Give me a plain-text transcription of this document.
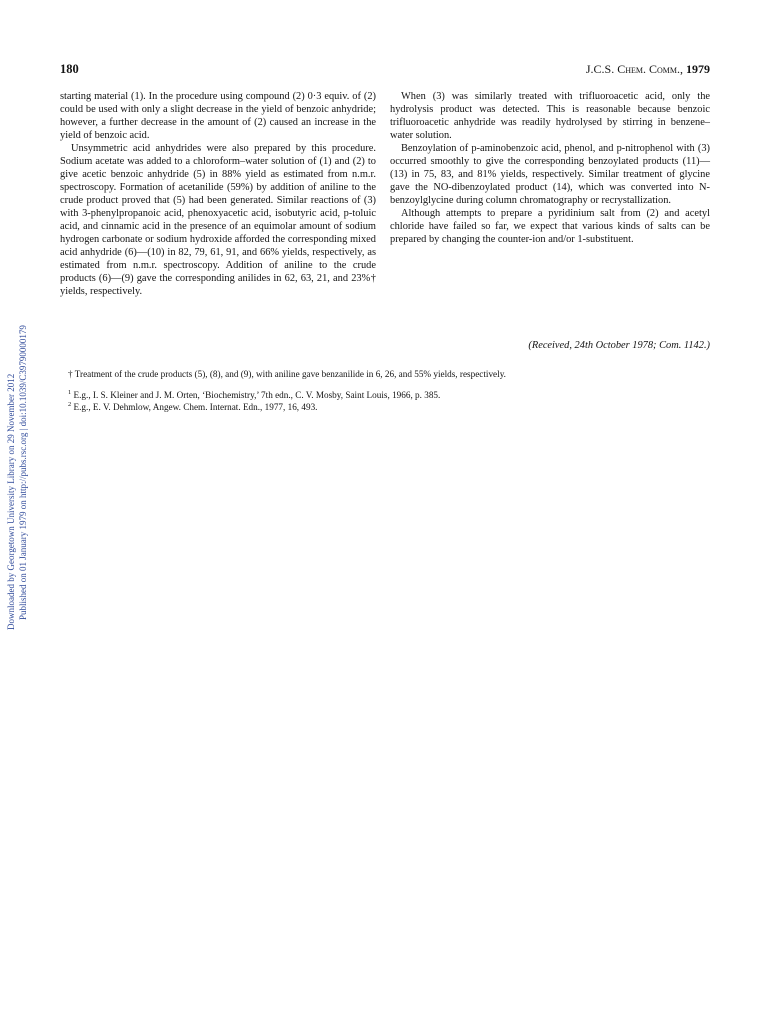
Downloaded by Georgetown University Library on 29 November 2012 Published on 01 January 1979 on http://pubs.rsc.org | doi:10.1039/C39790000179
180	J.C.S. Chem. Comm., 1979

starting material (1). In the procedure using compound (2) 0·3 equiv. of (2) could be used with only a slight decrease in the yield of benzoic anhydride; however, a further decrease in the amount of (2) caused an increase in the yield of benzoic acid.

Unsymmetric acid anhydrides were also prepared by this procedure. Sodium acetate was added to a chloroform–water solution of (1) and (2) to give acetic benzoic anhydride (5) in 88% yield as estimated from n.m.r. spectroscopy. Formation of acetanilide (59%) by addition of aniline to the crude product proved that (5) had been generated. Similar reactions of (3) with 3-phenylpropanoic acid, phenoxyacetic acid, isobutyric acid, p-toluic acid, and cinnamic acid in the presence of an equimolar amount of sodium hydrogen carbonate or sodium hydroxide afforded the corresponding mixed acid anhydride (6)—(10) in 82, 79, 61, 91, and 66% yields, respectively, as estimated from n.m.r. spectroscopy. Addition of aniline to the crude products (6)—(9) gave the corresponding anilides in 62, 63, 21, and 23%† yields, respectively.

When (3) was similarly treated with trifluoroacetic acid, only the hydrolysis product was detected. This is reasonable because benzoic trifluoroacetic anhydride was readily hydrolysed by stirring in benzene–water solution.

Benzoylation of p-aminobenzoic acid, phenol, and p-nitrophenol with (3) occurred smoothly to give the corresponding benzoylated products (11)—(13) in 75, 83, and 81% yields, respectively. Similar treatment of glycine gave the NO-dibenzoylated product (14), which was converted into N-benzoylglycine during column chromatography or recrystallization.

Although attempts to prepare a pyridinium salt from (2) and acetyl chloride have failed so far, we expect that various kinds of salts can be prepared by changing the counter-ion and/or 1-substituent.

(Received, 24th October 1978; Com. 1142.)
† Treatment of the crude products (5), (8), and (9), with aniline gave benzanilide in 6, 26, and 55% yields, respectively.
$^1$ E.g., I. S. Kleiner and J. M. Orten, ‘Biochemistry,’ 7th edn., C. V. Mosby, Saint Louis, 1966, p. 385.
$^2$ E.g., E. V. Dehmlow, Angew. Chem. Internat. Edn., 1977, 16, 493.
